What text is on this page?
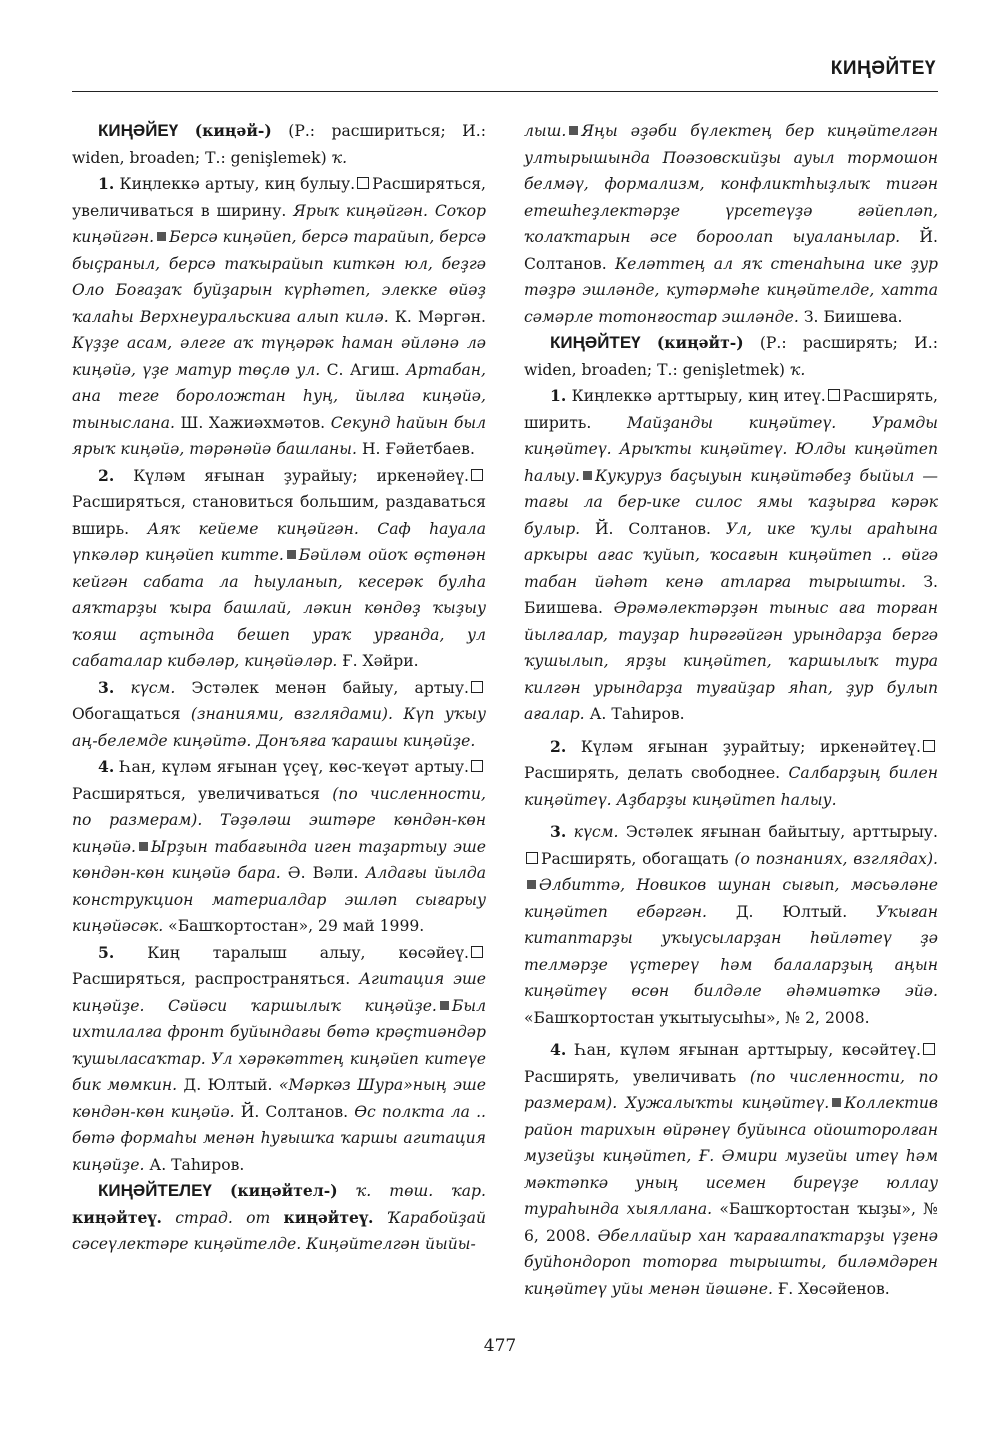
КИҢӘЙТЕҮ

КИҢӘЙЕҮ (киңәй-) (Р.: расшириться; И.: widen, broaden; Т.: genişlemek) ҡ.

1. Киңлеккә артыу, киң булыу. Расширяться, увеличиваться в ширину. Ярыҡ киңәйгән. Соҡор киңәйгән. Берсә киңәйеп, берсә тарайып, берсә быҫраныл, берсә таҡырайып киткән юл, беҙгә Оло Боғаҙаҡ буйҙарын күрһәтеп, элекке өйәҙ ҡалаһы Верхнеуральскиға алып килә. К. Мәргән. Күҙҙе асам, әлеге аҡ түңәрәк һаман әйләнә лә киңәйә, үҙе матур төҫлө ул. С. Агиш. Артабан, ана теге бороложтан һуң, йылға киңәйә, тынысланa. Ш. Хажиәхмәтов. Секунд һайын был ярыҡ киңәйә, тәрәнәйә башланы. Н. Ғәйетбаев.

2. Күләм яғынан ҙурайыу; иркенәйеү.Расширяться, становиться большим, раздаваться вширь. Аяҡ кейеме киңәйгән. Саф һауала үпкәләр киңәйеп китте. Бәйләм ойоҡ өҫтөнән кейгән сабата ла һыуланып, кесерәк булһа аяҡтарҙы ҡыра башлай, ләкин көндөҙ ҡыҙыу ҡояш аҫтында бешеп ураҡ урғанда, ул сабаталар кибәләр, киңәйәләр. Ғ. Хәйри.

3. күсм. Эстәлек менән байыу, артыу.Обогащаться (знаниями, взглядами). Күп уҡыу аң-белемде киңәйтә. Донъяға ҡарашы киңәйҙе.

4. Һан, күләм яғынан үҫеү, көс-ҡеүәт артыу.Расширяться, увеличиваться (по численности, по размерам). Тәҙәләш эштәре көндән-көн киңәйә. Ырҙын табағында иген таҙартыу эше көндән-көн киңәйә бара. Ә. Вәли. Алдағы йылда конструкцион материалдар эшләп сығарыу киңәйәсәк. «Башҡортостан», 29 май 1999.

5. Киң таралыш алыу, көсәйеү.Расширяться, распространяться. Агитация эше киңәйҙе. Сәйәси ҡаршылыҡ киңәйҙе. Был ихтилалға фронт буйындағы бөтә крәҫтиәндәр ҡушыласаҡтар. Ул хәрәкәттең киңәйеп китеүе бик мөмкин. Д. Юлтый. «Мәркәз Шура»ның эше көндән-көн киңәйә. Й. Солтанов. Өс полкта ла .. бөтә формаһы менән һуғышҡа ҡаршы агитация киңәйҙе. А. Таһиров.

КИҢӘЙТЕЛЕҮ (киңәйтел-) ҡ. төш. ҡар. киңәйтеү. страд. от киңәйтеү. Ҡарабойҙай сәсеүлектәре киңәйтелде. Киңәйтелгән йыйы-

лыш. Яңы әҙәби бүлектең бер киңәйтелгән ултырышында Поәзовскийҙы ауыл тормошон белмәү, формализм, конфликтһыҙлыҡ тигән етешһеҙлектәрҙе үрсетеүҙә ғәйепләп, ҡолаҡтарын әсе бороолап ыуаланылар. Й. Солтанов. Келәттең ал яҡ стенаһына ике ҙур тәҙрә эшләнде, кутәрмәһе киңәйтелде, хатта сәмәрле тотонғостар эшләнде. З. Биишева.

КИҢӘЙТЕҮ (киңәйт-) (Р.: расширять; И.: widen, broaden; Т.: genişletmek) ҡ.

1. Киңлеккә арттырыу, киң итеү. Расширять, ширить. Майҙанды киңәйтеү. Урамды киңәйтеү. Арыҡты киңәйтеү. Юлды киңәйтеп һалыу. Кукуруз баҫыуын киңәйтәбеҙ быйыл — тағы ла бер-ике силос ямы ҡаҙырға кәрәк булыр. Й. Солтанов. Ул, ике ҡулы араһына аркыры ағас ҡуйып, ҡосағын киңәйтеп .. өйгә табан йәһәт кенә атларға тырышты. З. Биишева. Әрәмәлектәрҙән тыныс аға торған йылғалар, тауҙар һирәгәйгән урындарҙа бергә ҡушылып, ярҙы киңәйтеп, ҡаршылыҡ тура килгән урындарҙа туғайҙар яһап, ҙур булып ағалар. А. Таһиров.

2. Күләм яғынан ҙурайтыу; иркенәйтеү.Расширять, делать свободнее. Салбарҙың билен киңәйтеү. Аҙбарҙы киңәйтеп һалыу.

3. күсм. Эстәлек яғынан байытыу, арттырыу.Расширять, обогащать (о познаниях, взглядах).Әлбиттә, Новиков шунан сығып, мәсьәләне киңәйтеп ебәргән. Д. Юлтый. Уҡыған китаптарҙы уҡыусыларҙан һөйләтеү ҙә телмәрҙе үҫтереү һәм балаларҙың аңын киңәйтеү өсөн билдәле әһәмиәткә эйә. «Башҡортостан уҡытыусыһы», № 2, 2008.

4. Һан, күләм яғынан арттырыу, көсәйтеү.Расширять, увеличивать (по численности, по размерам). Хужалыҡты киңәйтеү. Коллектив район тарихын өйрәнеү буйынса ойошторолған музейҙы киңәйтеп, Ғ. Әмири музейы итеү һәм мәктәпкә уның исемен биреүҙе юллау тураһында хыялланa. «Башҡортостан ҡыҙы», № 6, 2008. Әбеллайыр хан ҡарағалпаҡтарҙы үҙенә буйһондороп тоторға тырышты, биләмдәрен киңәйтеү уйы менән йәшәне. Ғ. Хөсәйенов.

477
